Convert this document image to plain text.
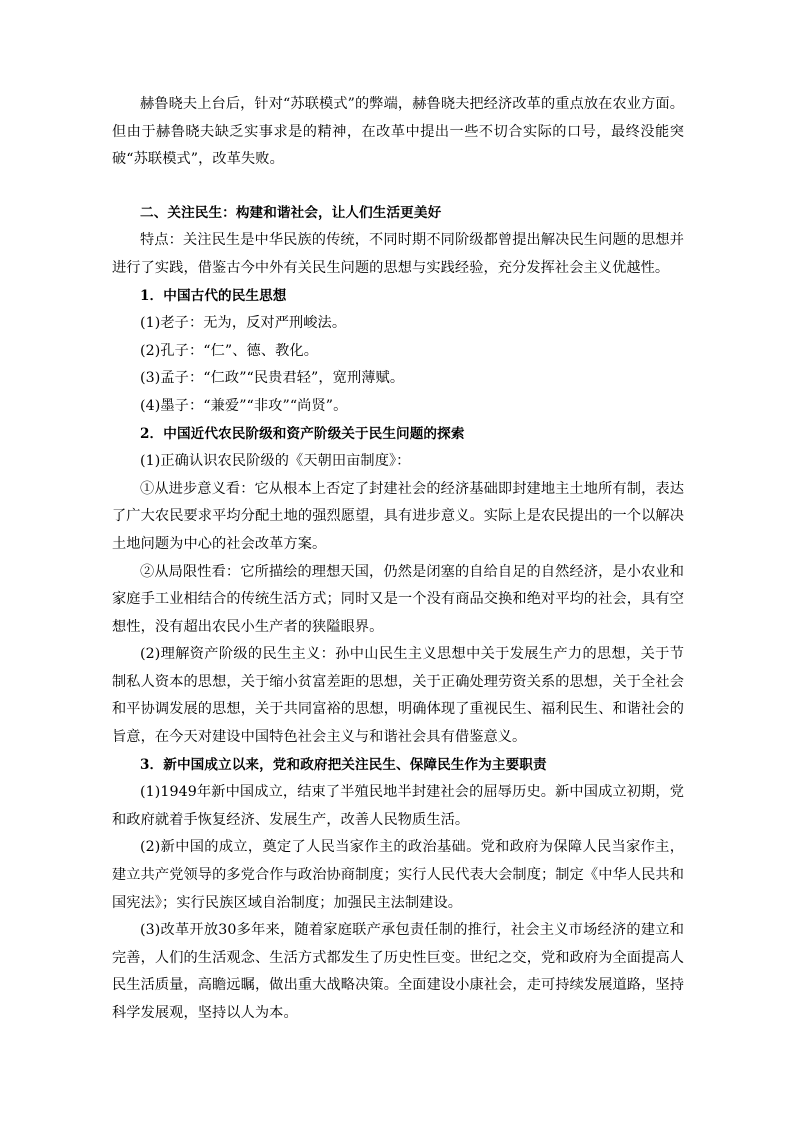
赫鲁晓夫上台后，针对“苏联模式”的弊端，赫鲁晓夫把经济改革的重点放在农业方面。但由于赫鲁晓夫缺乏实事求是的精神，在改革中提出一些不切合实际的口号，最终没能突破“苏联模式”，改革失败。

二、关注民生：构建和谐社会，让人们生活更美好

特点：关注民生是中华民族的传统，不同时期不同阶级都曾提出解决民生问题的思想并进行了实践，借鉴古今中外有关民生问题的思想与实践经验，充分发挥社会主义优越性。

1．中国古代的民生思想

(1)老子：无为，反对严刑峻法。

(2)孔子：“仁”、德、教化。

(3)孟子：“仁政”“民贵君轻”，宽刑薄赋。

(4)墨子：“兼爱”“非攻”“尚贤”。

2．中国近代农民阶级和资产阶级关于民生问题的探索

(1)正确认识农民阶级的《天朝田亩制度》：

①从进步意义看：它从根本上否定了封建社会的经济基础即封建地主土地所有制，表达了广大农民要求平均分配土地的强烈愿望，具有进步意义。实际上是农民提出的一个以解决土地问题为中心的社会改革方案。

②从局限性看：它所描绘的理想天国，仍然是闭塞的自给自足的自然经济，是小农业和家庭手工业相结合的传统生活方式；同时又是一个没有商品交换和绝对平均的社会，具有空想性，没有超出农民小生产者的狭隘眼界。

(2)理解资产阶级的民生主义：孙中山民生主义思想中关于发展生产力的思想，关于节制私人资本的思想，关于缩小贫富差距的思想，关于正确处理劳资关系的思想，关于全社会和平协调发展的思想，关于共同富裕的思想，明确体现了重视民生、福利民生、和谐社会的旨意，在今天对建设中国特色社会主义与和谐社会具有借鉴意义。

3．新中国成立以来，党和政府把关注民生、保障民生作为主要职责

(1)1949年新中国成立，结束了半殖民地半封建社会的屈辱历史。新中国成立初期，党和政府就着手恢复经济、发展生产，改善人民物质生活。

(2)新中国的成立，奠定了人民当家作主的政治基础。党和政府为保障人民当家作主，建立共产党领导的多党合作与政治协商制度；实行人民代表大会制度；制定《中华人民共和国宪法》；实行民族区域自治制度；加强民主法制建设。

(3)改革开放30多年来，随着家庭联产承包责任制的推行，社会主义市场经济的建立和完善，人们的生活观念、生活方式都发生了历史性巨变。世纪之交，党和政府为全面提高人民生活质量，高瞻远瞩，做出重大战略决策。全面建设小康社会，走可持续发展道路，坚持科学发展观，坚持以人为本。
